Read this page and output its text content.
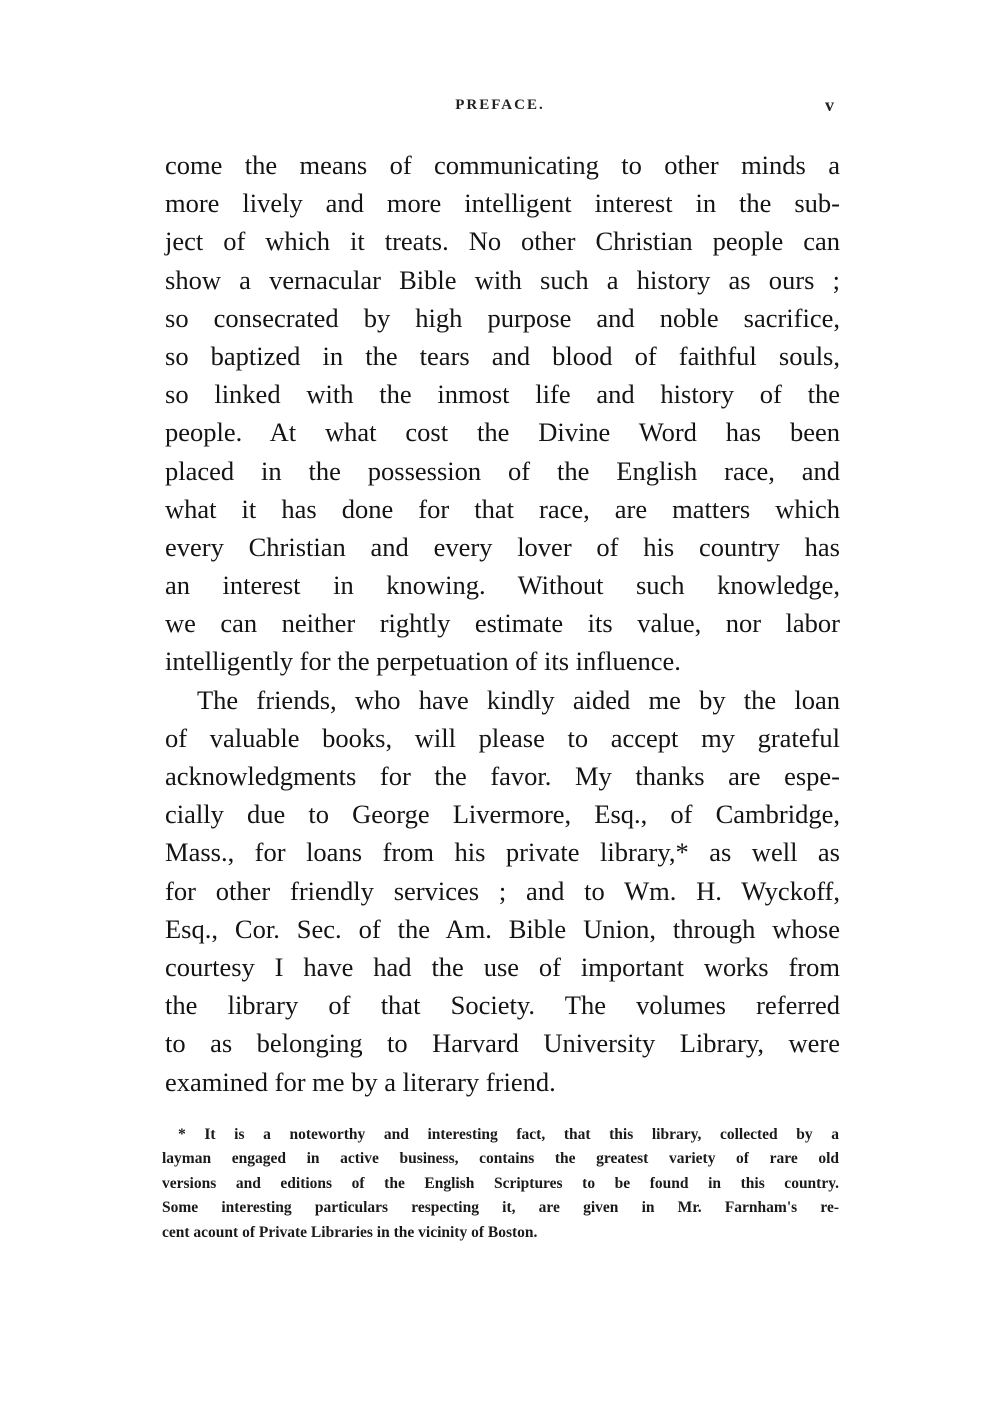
PREFACE.	v
come the means of communicating to other minds a
more lively and more intelligent interest in the sub-
ject of which it treats. No other Christian people can
show a vernacular Bible with such a history as ours ;
so consecrated by high purpose and noble sacrifice,
so baptized in the tears and blood of faithful souls,
so linked with the inmost life and history of the
people. At what cost the Divine Word has been
placed in the possession of the English race, and
what it has done for that race, are matters which
every Christian and every lover of his country has
an interest in knowing. Without such knowledge,
we can neither rightly estimate its value, nor labor
intelligently for the perpetuation of its influence.
The friends, who have kindly aided me by the loan
of valuable books, will please to accept my grateful
acknowledgments for the favor. My thanks are espe-
cially due to George Livermore, Esq., of Cambridge,
Mass., for loans from his private library,* as well as
for other friendly services ; and to Wm. H. Wyckoff,
Esq., Cor. Sec. of the Am. Bible Union, through whose
courtesy I have had the use of important works from
the library of that Society. The volumes referred
to as belonging to Harvard University Library, were
examined for me by a literary friend.
* It is a noteworthy and interesting fact, that this library, collected by a
layman engaged in active business, contains the greatest variety of rare old
versions and editions of the English Scriptures to be found in this country.
Some interesting particulars respecting it, are given in Mr. Farnham's re-
cent acount of Private Libraries in the vicinity of Boston.
